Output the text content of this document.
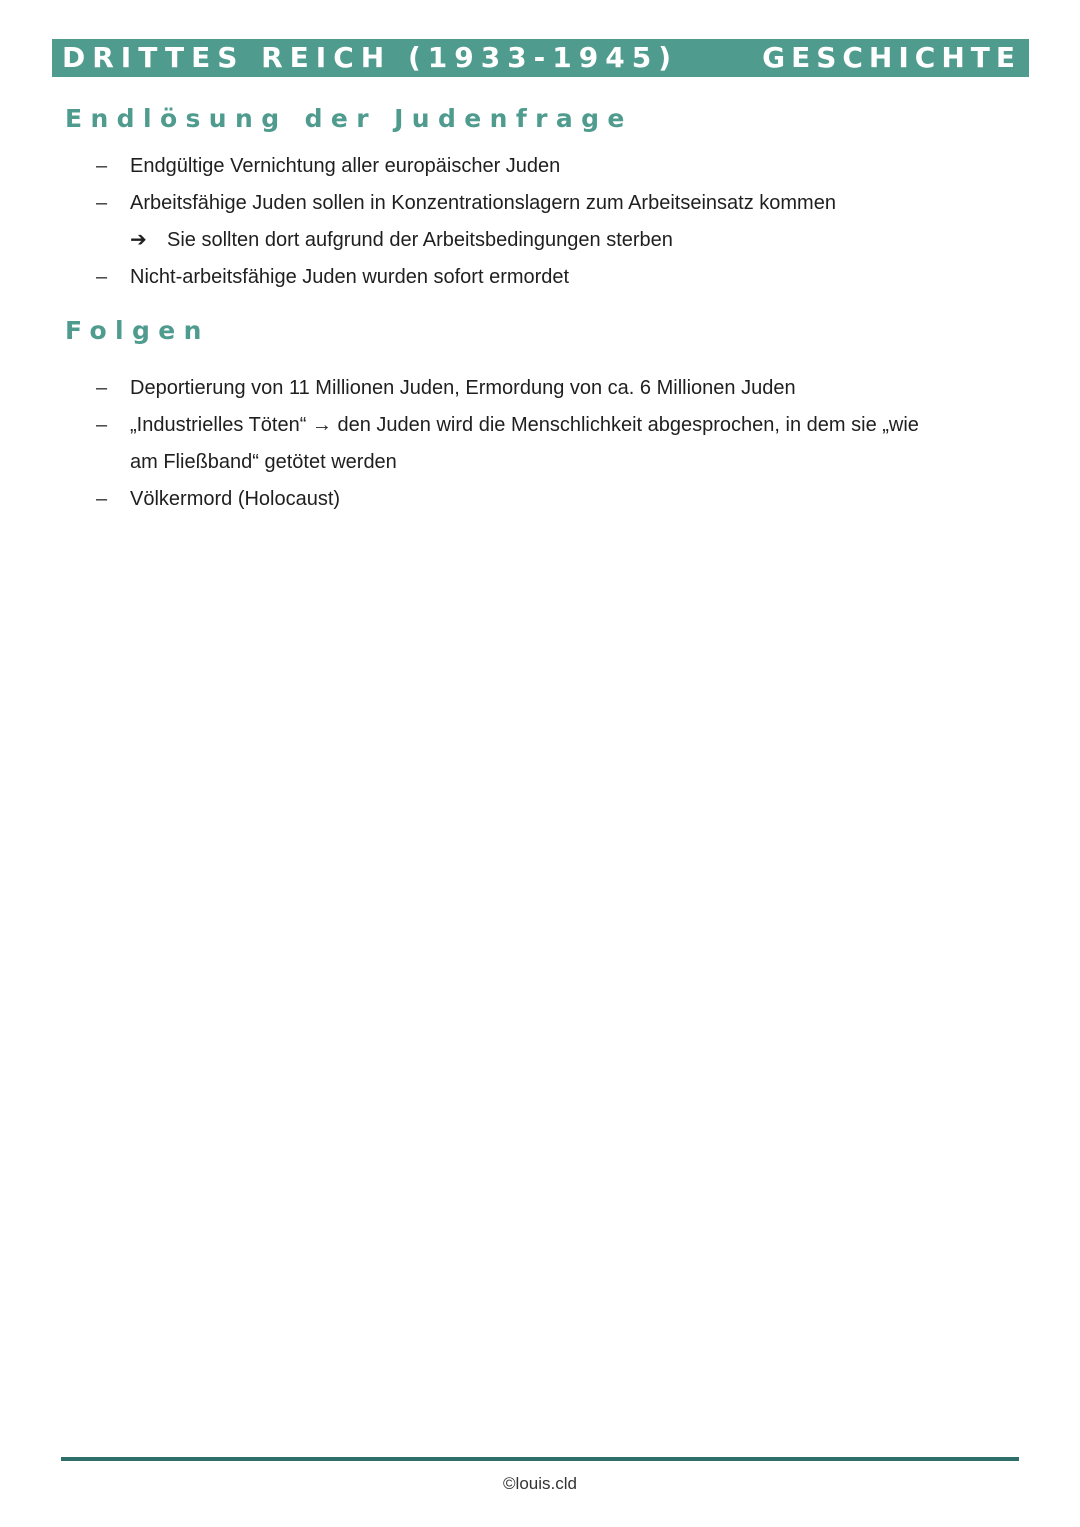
DRITTES REICH (1933-1945)	GESCHICHTE
Endlösung der Judenfrage
– Endgültige Vernichtung aller europäischer Juden
– Arbeitsfähige Juden sollen in Konzentrationslagern zum Arbeitseinsatz kommen
➔ Sie sollten dort aufgrund der Arbeitsbedingungen sterben
– Nicht-arbeitsfähige Juden wurden sofort ermordet
Folgen
– Deportierung von 11 Millionen Juden, Ermordung von ca. 6 Millionen Juden
– „Industrielles Töten“ → den Juden wird die Menschlichkeit abgesprochen, in dem sie „wie
am Fließband“ getötet werden
– Völkermord (Holocaust)
©louis.cld
